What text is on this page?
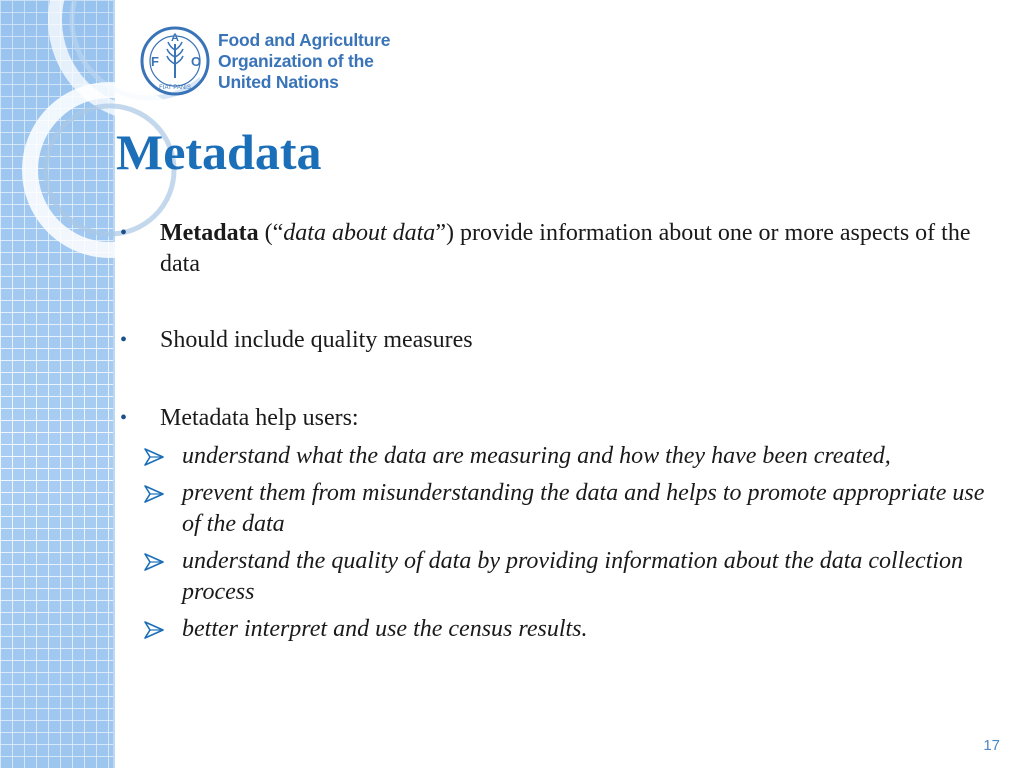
F
A
O
FIAT PANIS
Food and Agriculture
Organization of the
United Nations
Metadata
• Metadata (“data about data”) provide information about one or more aspects of the data
• Should include quality measures
• Metadata help users:
understand what the data are measuring and how they have been created,
prevent them from misunderstanding the data and helps to promote appropriate use of the data
understand the quality of data by providing information about the data collection process
better interpret and use the census results.
17
